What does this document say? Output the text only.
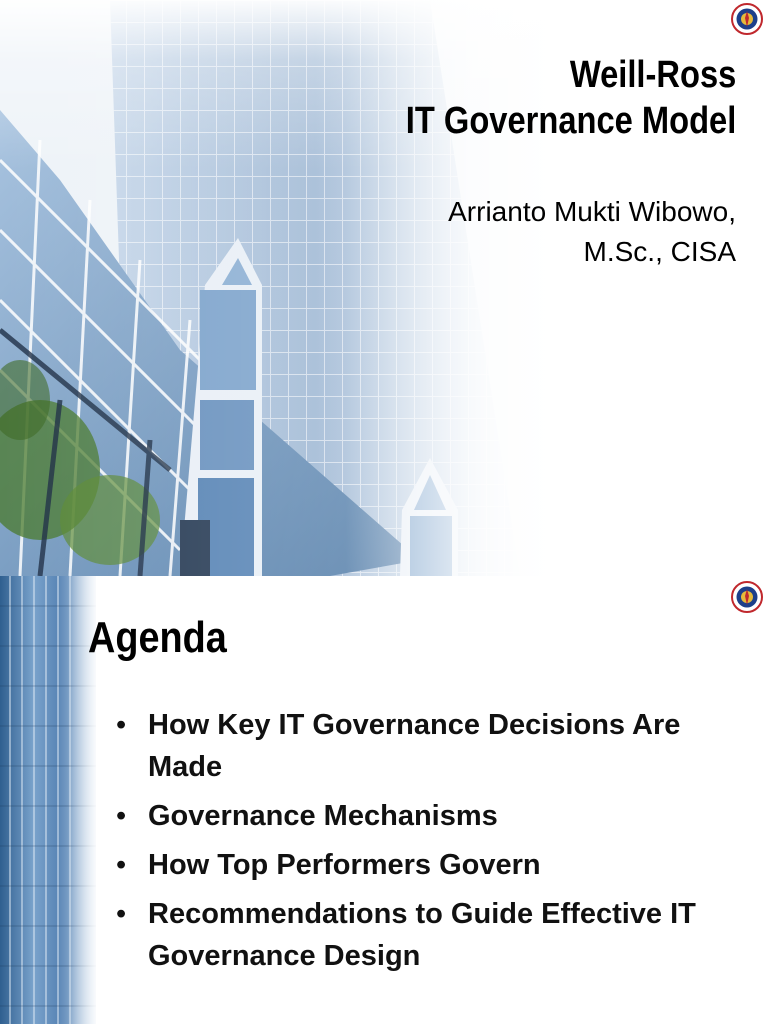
Weill-Ross
IT Governance Model
Arrianto Mukti Wibowo,
M.Sc., CISA
Agenda
• How Key IT Governance Decisions Are Made
• Governance Mechanisms
• How Top Performers Govern
• Recommendations to Guide Effective IT Governance Design
